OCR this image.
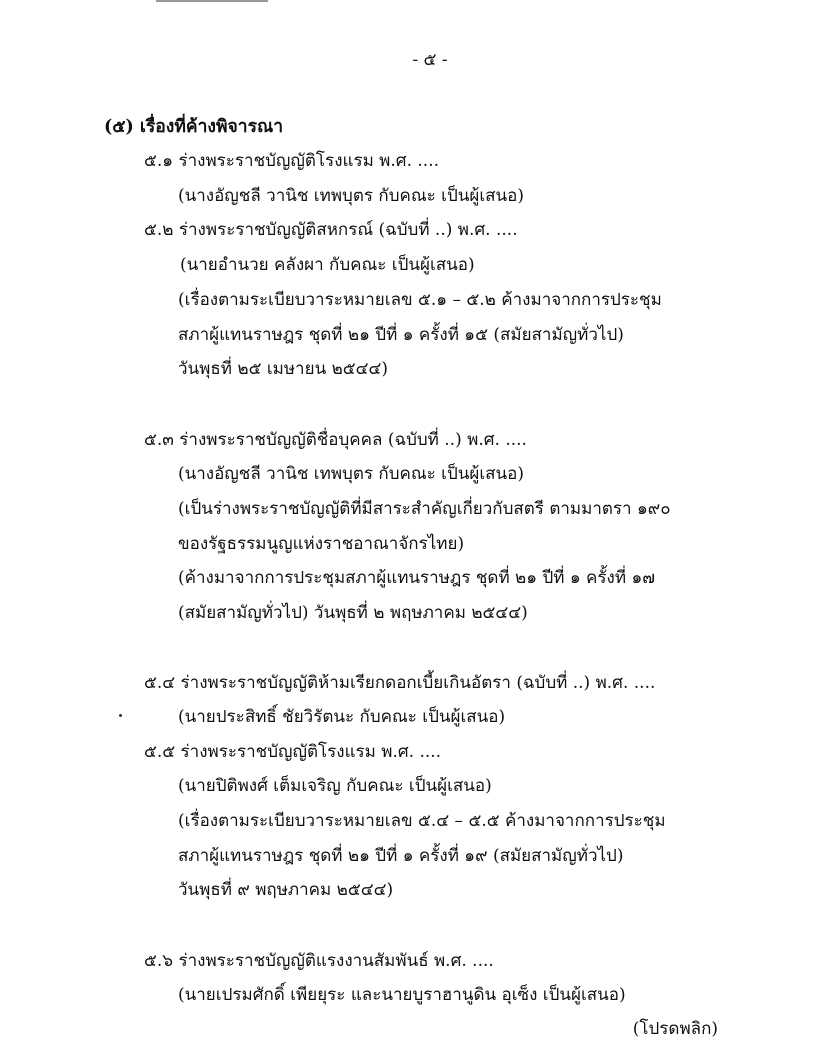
- ๕ -
(๕) เรื่องที่ค้างพิจารณา
๕.๑ ร่างพระราชบัญญัติโรงแรม พ.ศ. ....
(นางอัญชลี วานิช เทพบุตร กับคณะ เป็นผู้เสนอ)
๕.๒ ร่างพระราชบัญญัติสหกรณ์ (ฉบับที่ ..) พ.ศ. ....
(นายอำนวย คลังผา กับคณะ เป็นผู้เสนอ)
(เรื่องตามระเบียบวาระหมายเลข ๕.๑ – ๕.๒ ค้างมาจากการประชุม
สภาผู้แทนราษฎร ชุดที่ ๒๑ ปีที่ ๑ ครั้งที่ ๑๕ (สมัยสามัญทั่วไป)
วันพุธที่ ๒๕ เมษายน ๒๕๔๔)
๕.๓ ร่างพระราชบัญญัติชื่อบุคคล (ฉบับที่ ..) พ.ศ. ....
(นางอัญชลี วานิช เทพบุตร กับคณะ เป็นผู้เสนอ)
(เป็นร่างพระราชบัญญัติที่มีสาระสำคัญเกี่ยวกับสตรี ตามมาตรา ๑๙๐
ของรัฐธรรมนูญแห่งราชอาณาจักรไทย)
(ค้างมาจากการประชุมสภาผู้แทนราษฎร ชุดที่ ๒๑ ปีที่ ๑ ครั้งที่ ๑๗
(สมัยสามัญทั่วไป) วันพุธที่ ๒ พฤษภาคม ๒๕๔๔)
๕.๔ ร่างพระราชบัญญัติห้ามเรียกดอกเบี้ยเกินอัตรา (ฉบับที่ ..) พ.ศ. ....
(นายประสิทธิ์ ชัยวิรัตนะ กับคณะ เป็นผู้เสนอ)
๕.๕ ร่างพระราชบัญญัติโรงแรม พ.ศ. ....
(นายปิติพงศ์ เต็มเจริญ กับคณะ เป็นผู้เสนอ)
(เรื่องตามระเบียบวาระหมายเลข ๕.๔ – ๕.๕ ค้างมาจากการประชุม
สภาผู้แทนราษฎร ชุดที่ ๒๑ ปีที่ ๑ ครั้งที่ ๑๙ (สมัยสามัญทั่วไป)
วันพุธที่ ๙ พฤษภาคม ๒๕๔๔)
๕.๖ ร่างพระราชบัญญัติแรงงานสัมพันธ์ พ.ศ. ....
(นายเปรมศักดิ์ เพียยุระ และนายบูราฮานูดิน อุเซ็ง เป็นผู้เสนอ)
(โปรดพลิก)
